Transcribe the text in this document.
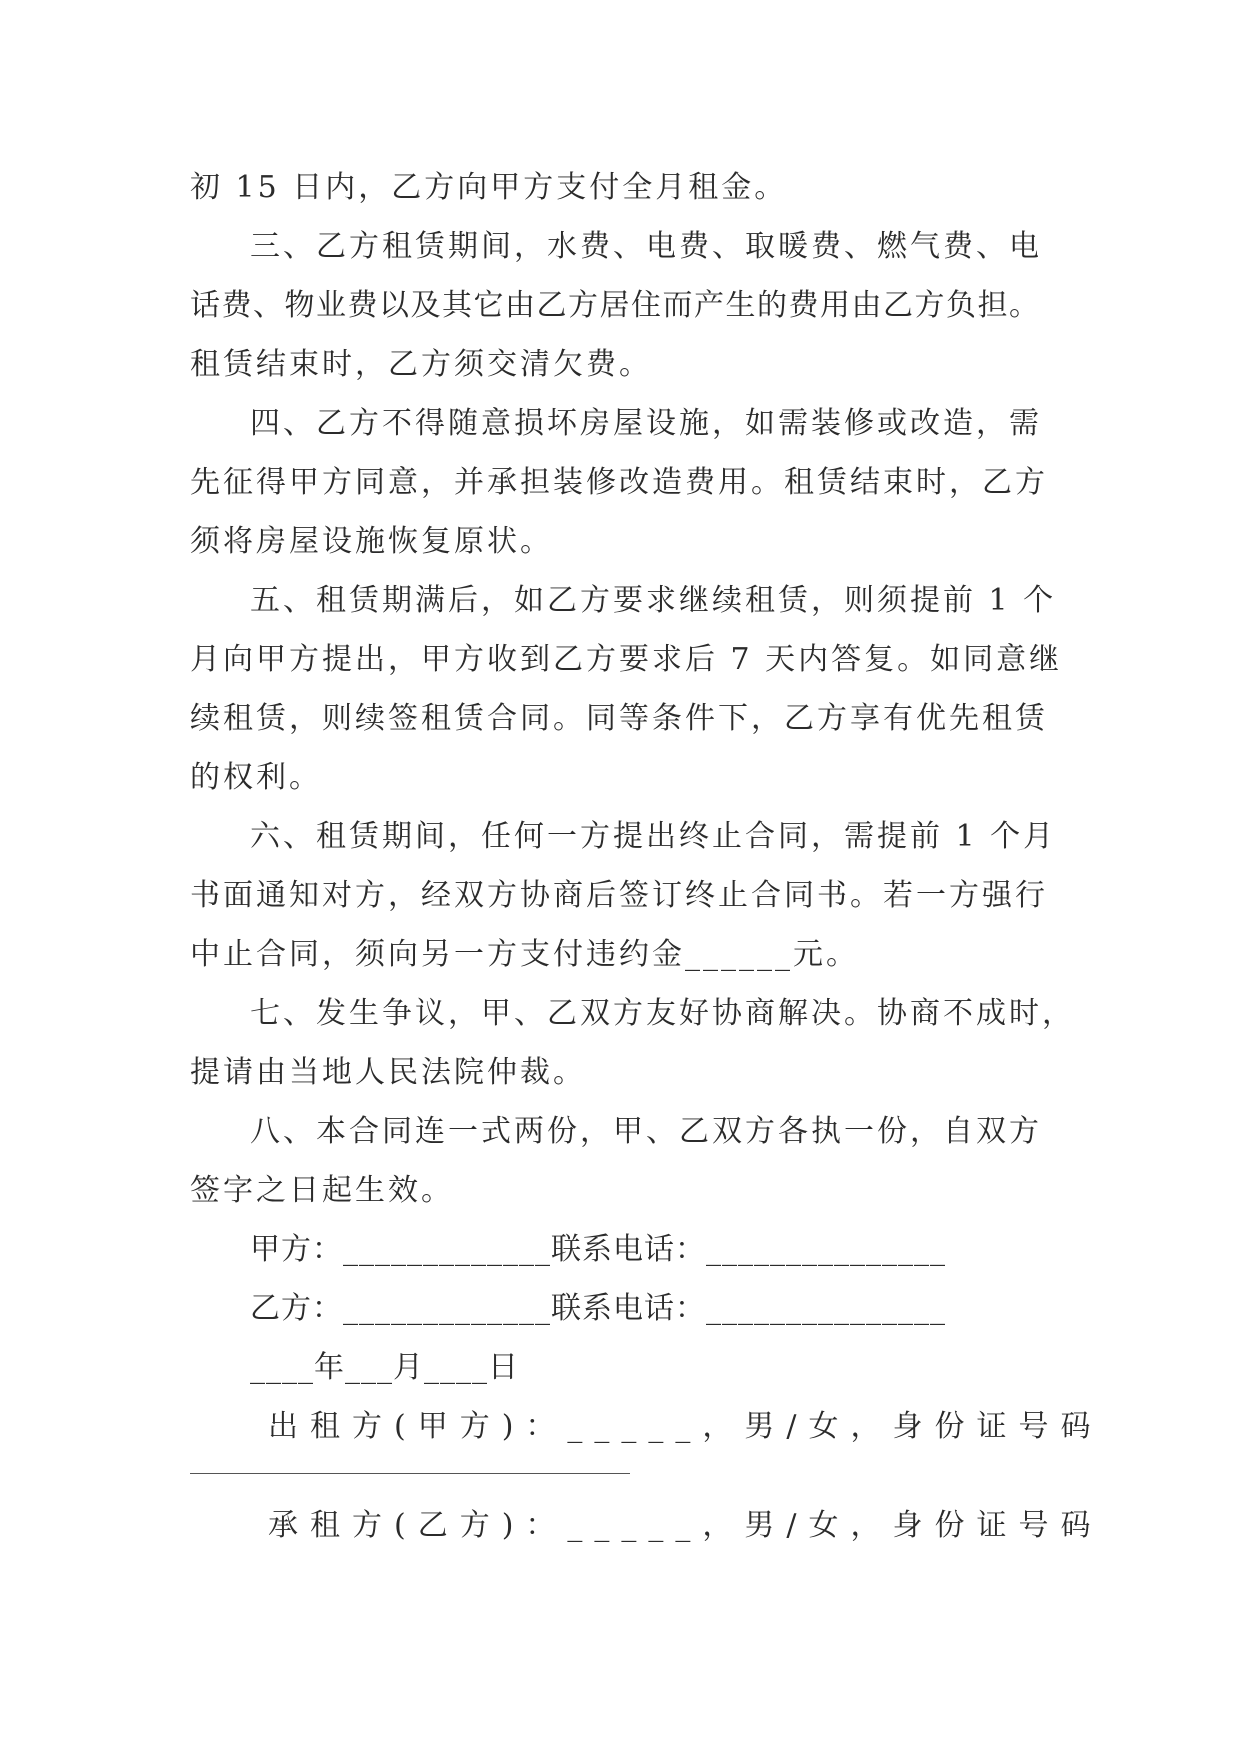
初 15 日内，乙方向甲方支付全月租金。
三、乙方租赁期间，水费、电费、取暖费、燃气费、电
话费、物业费以及其它由乙方居住而产生的费用由乙方负担。
租赁结束时，乙方须交清欠费。
四、乙方不得随意损坏房屋设施，如需装修或改造，需
先征得甲方同意，并承担装修改造费用。租赁结束时，乙方
须将房屋设施恢复原状。
五、租赁期满后，如乙方要求继续租赁，则须提前 1 个
月向甲方提出，甲方收到乙方要求后 7 天内答复。如同意继
续租赁，则续签租赁合同。同等条件下，乙方享有优先租赁
的权利。
六、租赁期间，任何一方提出终止合同，需提前 1 个月
书面通知对方，经双方协商后签订终止合同书。若一方强行
中止合同，须向另一方支付违约金______元。
七、发生争议，甲、乙双方友好协商解决。协商不成时，
提请由当地人民法院仲裁。
八、本合同连一式两份，甲、乙双方各执一份，自双方
签字之日起生效。
甲方：_____________联系电话：_______________
乙方：_____________联系电话：_______________
____年___月____日
出租方(甲方)：_____，男/女，身份证号码
承租方(乙方)：_____，男/女，身份证号码
